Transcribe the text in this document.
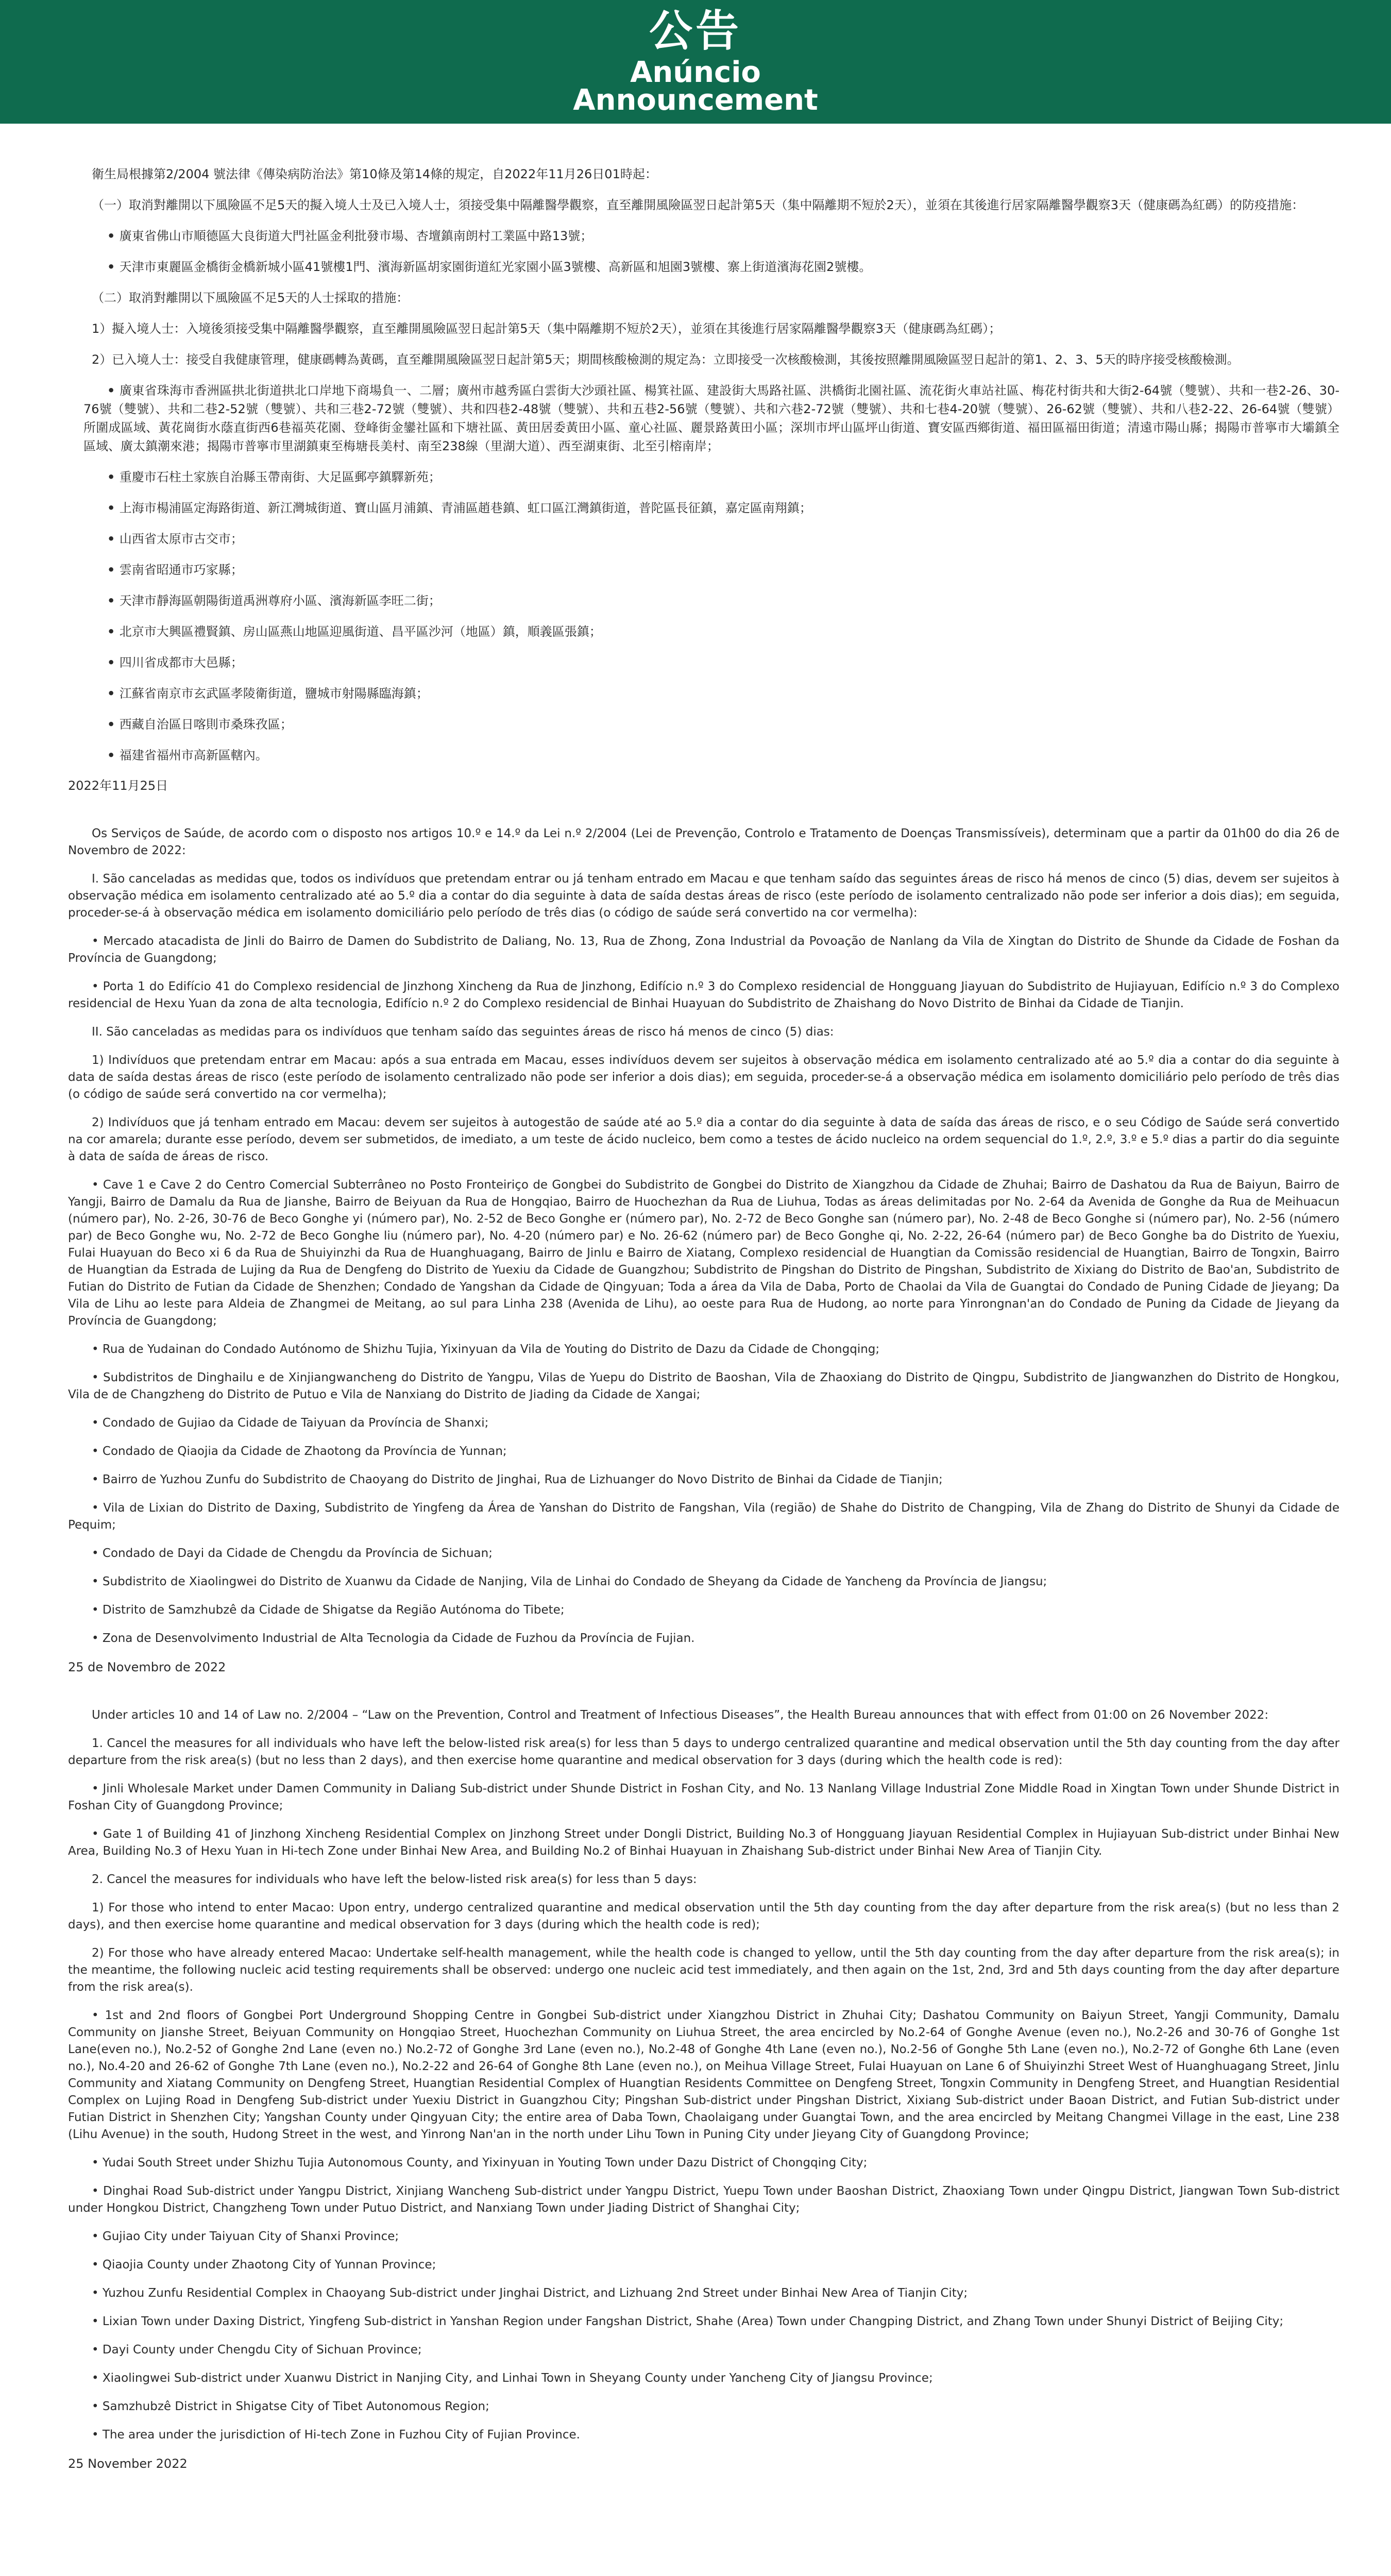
公告
Anúncio
Announcement
衛生局根據第2/2004 號法律《傳染病防治法》第10條及第14條的規定，自2022年11月26日01時起：
（一）取消對離開以下風險區不足5天的擬入境人士及已入境人士，須接受集中隔離醫學觀察，直至離開風險區翌日起計第5天（集中隔離期不短於2天），並須在其後進行居家隔離醫學觀察3天（健康碼為紅碼）的防疫措施：
• 廣東省佛山市順德區大良街道大門社區金利批發市場、杏壇鎮南朗村工業區中路13號；
• 天津市東麗區金橋街金橋新城小區41號樓1門、濱海新區胡家園街道紅光家園小區3號樓、高新區和旭園3號樓、寨上街道濱海花園2號樓。
（二）取消對離開以下風險區不足5天的人士採取的措施：
1）擬入境人士：入境後須接受集中隔離醫學觀察，直至離開風險區翌日起計第5天（集中隔離期不短於2天），並須在其後進行居家隔離醫學觀察3天（健康碼為紅碼）；
2）已入境人士：接受自我健康管理，健康碼轉為黃碼，直至離開風險區翌日起計第5天；期間核酸檢測的規定為：立即接受一次核酸檢測，其後按照離開風險區翌日起計的第1、2、3、5天的時序接受核酸檢測。
• 廣東省珠海市香洲區拱北街道拱北口岸地下商場負一、二層；廣州市越秀區白雲街大沙頭社區、楊箕社區、建設街大馬路社區、洪橋街北園社區、流花街火車站社區、梅花村街共和大街2-64號（雙號）、共和一巷2-26、30-76號（雙號）、共和二巷2-52號（雙號）、共和三巷2-72號（雙號）、共和四巷2-48號（雙號）、共和五巷2-56號（雙號）、共和六巷2-72號（雙號）、共和七巷4-20號（雙號）、26-62號（雙號）、共和八巷2-22、26-64號（雙號）所圍成區域、黃花崗街水蔭直街西6巷福英花園、登峰街金鑾社區和下塘社區、黃田居委黃田小區、童心社區、麗景路黃田小區；深圳市坪山區坪山街道、寶安區西鄉街道、福田區福田街道；清遠市陽山縣；揭陽市普寧市大壩鎮全區域、廣太鎮潮來港；揭陽市普寧市里湖鎮東至梅塘長美村、南至238線（里湖大道）、西至湖東街、北至引榕南岸；
• 重慶市石柱土家族自治縣玉帶南街、大足區郵亭鎮驛新苑；
• 上海市楊浦區定海路街道、新江灣城街道、寶山區月浦鎮、青浦區趙巷鎮、虹口區江灣鎮街道，普陀區長征鎮，嘉定區南翔鎮；
• 山西省太原市古交市；
• 雲南省昭通市巧家縣；
• 天津市靜海區朝陽街道禹洲尊府小區、濱海新區李旺二街；
• 北京市大興區禮賢鎮、房山區燕山地區迎風街道、昌平區沙河（地區）鎮，順義區張鎮；
• 四川省成都市大邑縣；
• 江蘇省南京市玄武區孝陵衛街道，鹽城市射陽縣臨海鎮；
• 西藏自治區日喀則市桑珠孜區；
• 福建省福州市高新區轄內。
2022年11月25日
Os Serviços de Saúde, de acordo com o disposto nos artigos 10.º e 14.º da Lei n.º 2/2004 (Lei de Prevenção, Controlo e Tratamento de Doenças Transmissíveis), determinam que a partir da 01h00 do dia 26 de Novembro de 2022:
I. São canceladas as medidas que, todos os indivíduos que pretendam entrar ou já tenham entrado em Macau e que tenham saído das seguintes áreas de risco há menos de cinco (5) dias, devem ser sujeitos à observação médica em isolamento centralizado até ao 5.º dia a contar do dia seguinte à data de saída destas áreas de risco (este período de isolamento centralizado não pode ser inferior a dois dias); em seguida, proceder-se-á à observação médica em isolamento domiciliário pelo período de três dias (o código de saúde será convertido na cor vermelha):
• Mercado atacadista de Jinli do Bairro de Damen do Subdistrito de Daliang, No. 13, Rua de Zhong, Zona Industrial da Povoação de Nanlang da Vila de Xingtan do Distrito de Shunde da Cidade de Foshan da Província de Guangdong;
• Porta 1 do Edifício 41 do Complexo residencial de Jinzhong Xincheng da Rua de Jinzhong, Edifício n.º 3 do Complexo residencial de Hongguang Jiayuan do Subdistrito de Hujiayuan, Edifício n.º 3 do Complexo residencial de Hexu Yuan da zona de alta tecnologia, Edifício n.º 2 do Complexo residencial de Binhai Huayuan do Subdistrito de Zhaishang do Novo Distrito de Binhai da Cidade de Tianjin.
II. São canceladas as medidas para os indivíduos que tenham saído das seguintes áreas de risco há menos de cinco (5) dias:
1) Indivíduos que pretendam entrar em Macau: após a sua entrada em Macau, esses indivíduos devem ser sujeitos à observação médica em isolamento centralizado até ao 5.º dia a contar do dia seguinte à data de saída destas áreas de risco (este período de isolamento centralizado não pode ser inferior a dois dias); em seguida, proceder-se-á a observação médica em isolamento domiciliário pelo período de três dias (o código de saúde será convertido na cor vermelha);
2) Indivíduos que já tenham entrado em Macau: devem ser sujeitos à autogestão de saúde até ao 5.º dia a contar do dia seguinte à data de saída das áreas de risco, e o seu Código de Saúde será convertido na cor amarela; durante esse período, devem ser submetidos, de imediato, a um teste de ácido nucleico, bem como a testes de ácido nucleico na ordem sequencial do 1.º, 2.º, 3.º e 5.º dias a partir do dia seguinte à data de saída de áreas de risco.
• Cave 1 e Cave 2 do Centro Comercial Subterrâneo no Posto Fronteiriço de Gongbei do Subdistrito de Gongbei do Distrito de Xiangzhou da Cidade de Zhuhai; Bairro de Dashatou da Rua de Baiyun, Bairro de Yangji, Bairro de Damalu da Rua de Jianshe, Bairro de Beiyuan da Rua de Hongqiao, Bairro de Huochezhan da Rua de Liuhua, Todas as áreas delimitadas por No. 2-64 da Avenida de Gonghe da Rua de Meihuacun (número par), No. 2-26, 30-76 de Beco Gonghe yi (número par), No. 2-52 de Beco Gonghe er (número par), No. 2-72 de Beco Gonghe san (número par), No. 2-48 de Beco Gonghe si (número par), No. 2-56 (número par) de Beco Gonghe wu, No. 2-72 de Beco Gonghe liu (número par), No. 4-20 (número par) e No. 26-62 (número par) de Beco Gonghe qi, No. 2-22, 26-64 (número par) de Beco Gonghe ba do Distrito de Yuexiu, Fulai Huayuan do Beco xi 6 da Rua de Shuiyinzhi da Rua de Huanghuagang, Bairro de Jinlu e Bairro de Xiatang, Complexo residencial de Huangtian da Comissão residencial de Huangtian, Bairro de Tongxin, Bairro de Huangtian da Estrada de Lujing da Rua de Dengfeng do Distrito de Yuexiu da Cidade de Guangzhou; Subdistrito de Pingshan do Distrito de Pingshan, Subdistrito de Xixiang do Distrito de Bao'an, Subdistrito de Futian do Distrito de Futian da Cidade de Shenzhen; Condado de Yangshan da Cidade de Qingyuan; Toda a área da Vila de Daba, Porto de Chaolai da Vila de Guangtai do Condado de Puning Cidade de Jieyang; Da Vila de Lihu ao leste para Aldeia de Zhangmei de Meitang, ao sul para Linha 238 (Avenida de Lihu), ao oeste para Rua de Hudong, ao norte para Yinrongnan'an do Condado de Puning da Cidade de Jieyang da Província de Guangdong;
• Rua de Yudainan do Condado Autónomo de Shizhu Tujia, Yixinyuan da Vila de Youting do Distrito de Dazu da Cidade de Chongqing;
• Subdistritos de Dinghailu e de Xinjiangwancheng do Distrito de Yangpu, Vilas de Yuepu do Distrito de Baoshan, Vila de Zhaoxiang do Distrito de Qingpu, Subdistrito de Jiangwanzhen do Distrito de Hongkou, Vila de de Changzheng do Distrito de Putuo e Vila de Nanxiang do Distrito de Jiading da Cidade de Xangai;
• Condado de Gujiao da Cidade de Taiyuan da Província de Shanxi;
• Condado de Qiaojia da Cidade de Zhaotong da Província de Yunnan;
• Bairro de Yuzhou Zunfu do Subdistrito de Chaoyang do Distrito de Jinghai, Rua de Lizhuanger do Novo Distrito de Binhai da Cidade de Tianjin;
• Vila de Lixian do Distrito de Daxing, Subdistrito de Yingfeng da Área de Yanshan do Distrito de Fangshan, Vila (região) de Shahe do Distrito de Changping, Vila de Zhang do Distrito de Shunyi da Cidade de Pequim;
• Condado de Dayi da Cidade de Chengdu da Província de Sichuan;
• Subdistrito de Xiaolingwei do Distrito de Xuanwu da Cidade de Nanjing, Vila de Linhai do Condado de Sheyang da Cidade de Yancheng da Província de Jiangsu;
• Distrito de Samzhubzê da Cidade de Shigatse da Região Autónoma do Tibete;
• Zona de Desenvolvimento Industrial de Alta Tecnologia da Cidade de Fuzhou da Província de Fujian.
25 de Novembro de 2022
Under articles 10 and 14 of Law no. 2/2004 – “Law on the Prevention, Control and Treatment of Infectious Diseases”, the Health Bureau announces that with effect from 01:00 on 26 November 2022:
1. Cancel the measures for all individuals who have left the below-listed risk area(s) for less than 5 days to undergo centralized quarantine and medical observation until the 5th day counting from the day after departure from the risk area(s) (but no less than 2 days), and then exercise home quarantine and medical observation for 3 days (during which the health code is red):
• Jinli Wholesale Market under Damen Community in Daliang Sub-district under Shunde District in Foshan City, and No. 13 Nanlang Village Industrial Zone Middle Road in Xingtan Town under Shunde District in Foshan City of Guangdong Province;
• Gate 1 of Building 41 of Jinzhong Xincheng Residential Complex on Jinzhong Street under Dongli District, Building No.3 of Hongguang Jiayuan Residential Complex in Hujiayuan Sub-district under Binhai New Area, Building No.3 of Hexu Yuan in Hi-tech Zone under Binhai New Area, and Building No.2 of Binhai Huayuan in Zhaishang Sub-district under Binhai New Area of Tianjin City.
2. Cancel the measures for individuals who have left the below-listed risk area(s) for less than 5 days:
1) For those who intend to enter Macao: Upon entry, undergo centralized quarantine and medical observation until the 5th day counting from the day after departure from the risk area(s) (but no less than 2 days), and then exercise home quarantine and medical observation for 3 days (during which the health code is red);
2) For those who have already entered Macao: Undertake self-health management, while the health code is changed to yellow, until the 5th day counting from the day after departure from the risk area(s); in the meantime, the following nucleic acid testing requirements shall be observed: undergo one nucleic acid test immediately, and then again on the 1st, 2nd, 3rd and 5th days counting from the day after departure from the risk area(s).
• 1st and 2nd floors of Gongbei Port Underground Shopping Centre in Gongbei Sub-district under Xiangzhou District in Zhuhai City; Dashatou Community on Baiyun Street, Yangji Community, Damalu Community on Jianshe Street, Beiyuan Community on Hongqiao Street, Huochezhan Community on Liuhua Street, the area encircled by No.2-64 of Gonghe Avenue (even no.), No.2-26 and 30-76 of Gonghe 1st Lane(even no.), No.2-52 of Gonghe 2nd Lane (even no.) No.2-72 of Gonghe 3rd Lane (even no.), No.2-48 of Gonghe 4th Lane (even no.), No.2-56 of Gonghe 5th Lane (even no.), No.2-72 of Gonghe 6th Lane (even no.), No.4-20 and 26-62 of Gonghe 7th Lane (even no.), No.2-22 and 26-64 of Gonghe 8th Lane (even no.), on Meihua Village Street, Fulai Huayuan on Lane 6 of Shuiyinzhi Street West of Huanghuagang Street, Jinlu Community and Xiatang Community on Dengfeng Street, Huangtian Residential Complex of Huangtian Residents Committee on Dengfeng Street, Tongxin Community in Dengfeng Street, and Huangtian Residential Complex on Lujing Road in Dengfeng Sub-district under Yuexiu District in Guangzhou City; Pingshan Sub-district under Pingshan District, Xixiang Sub-district under Baoan District, and Futian Sub-district under Futian District in Shenzhen City; Yangshan County under Qingyuan City; the entire area of Daba Town, Chaolaigang under Guangtai Town, and the area encircled by Meitang Changmei Village in the east, Line 238 (Lihu Avenue) in the south, Hudong Street in the west, and Yinrong Nan'an in the north under Lihu Town in Puning City under Jieyang City of Guangdong Province;
• Yudai South Street under Shizhu Tujia Autonomous County, and Yixinyuan in Youting Town under Dazu District of Chongqing City;
• Dinghai Road Sub-district under Yangpu District, Xinjiang Wancheng Sub-district under Yangpu District, Yuepu Town under Baoshan District, Zhaoxiang Town under Qingpu District, Jiangwan Town Sub-district under Hongkou District, Changzheng Town under Putuo District, and Nanxiang Town under Jiading District of Shanghai City;
• Gujiao City under Taiyuan City of Shanxi Province;
• Qiaojia County under Zhaotong City of Yunnan Province;
• Yuzhou Zunfu Residential Complex in Chaoyang Sub-district under Jinghai District, and Lizhuang 2nd Street under Binhai New Area of Tianjin City;
• Lixian Town under Daxing District, Yingfeng Sub-district in Yanshan Region under Fangshan District, Shahe (Area) Town under Changping District, and Zhang Town under Shunyi District of Beijing City;
• Dayi County under Chengdu City of Sichuan Province;
• Xiaolingwei Sub-district under Xuanwu District in Nanjing City, and Linhai Town in Sheyang County under Yancheng City of Jiangsu Province;
• Samzhubzê District in Shigatse City of Tibet Autonomous Region;
• The area under the jurisdiction of Hi-tech Zone in Fuzhou City of Fujian Province.
25 November 2022
